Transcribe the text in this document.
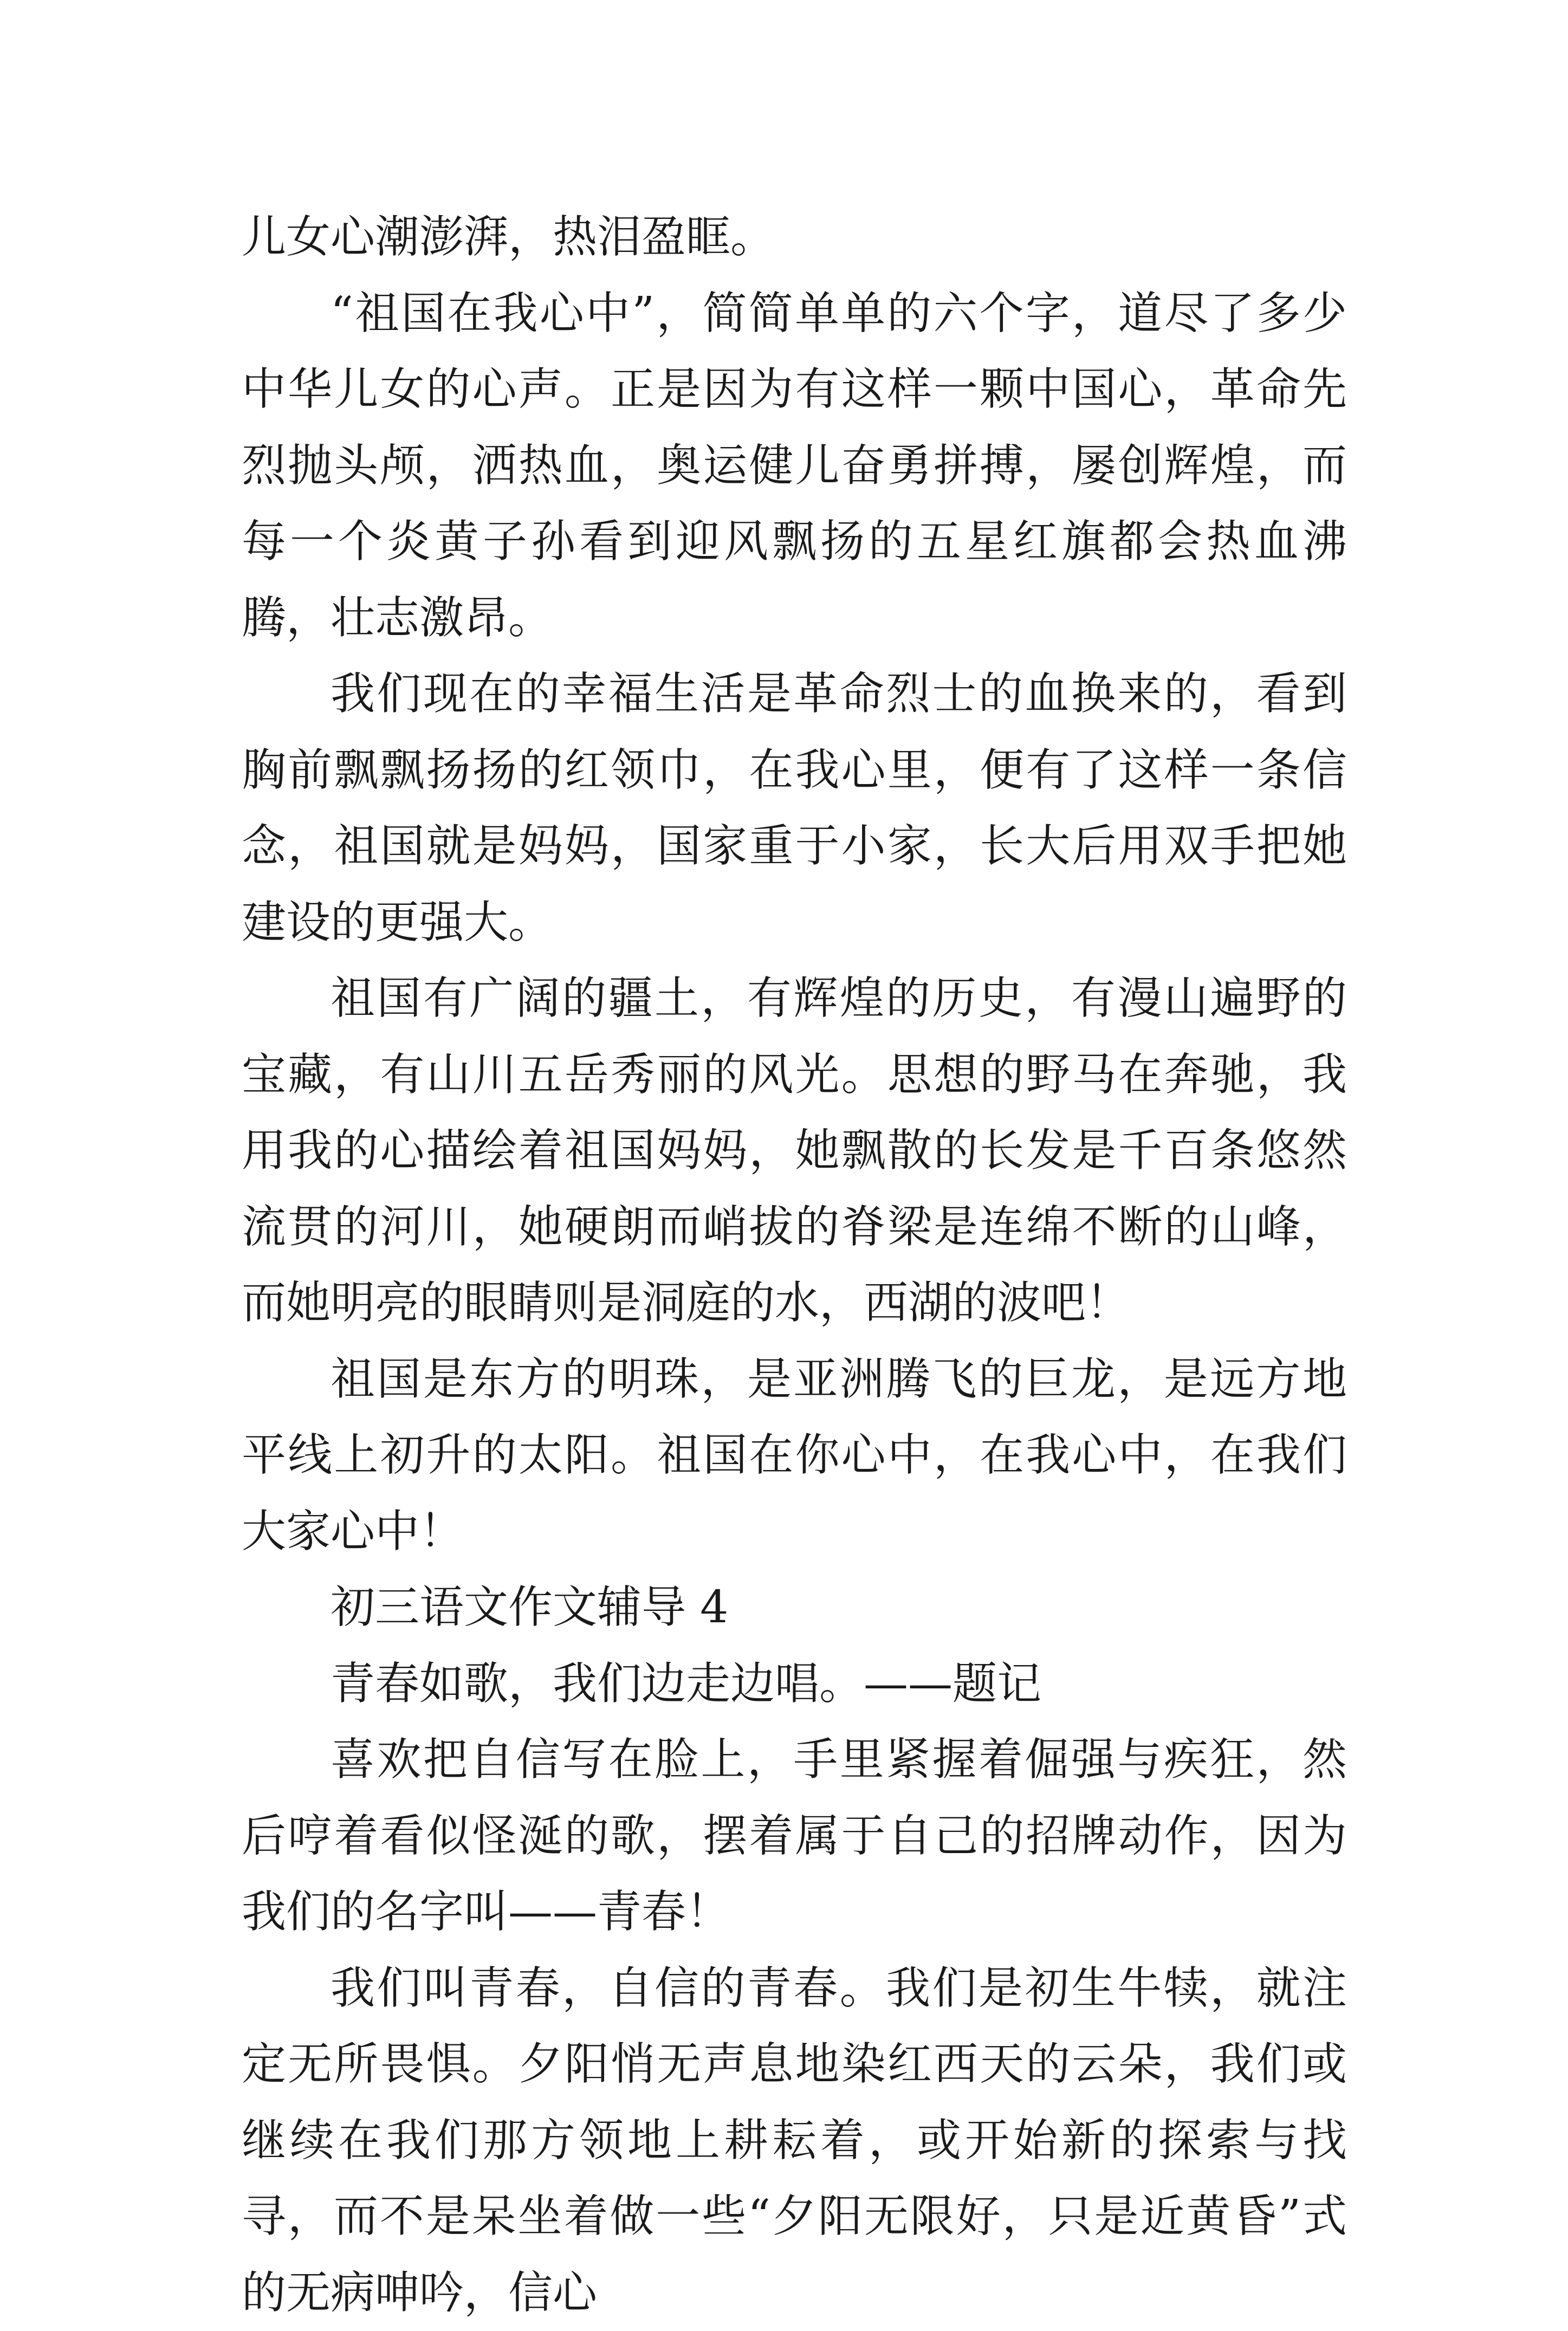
儿女心潮澎湃，热泪盈眶。

“祖国在我心中”，简简单单的六个字，道尽了多少中华儿女的心声。正是因为有这样一颗中国心，革命先烈抛头颅，洒热血，奥运健儿奋勇拼搏，屡创辉煌，而每一个炎黄子孙看到迎风飘扬的五星红旗都会热血沸腾，壮志激昂。

我们现在的幸福生活是革命烈士的血换来的，看到胸前飘飘扬扬的红领巾，在我心里，便有了这样一条信念，祖国就是妈妈，国家重于小家，长大后用双手把她建设的更强大。

祖国有广阔的疆土，有辉煌的历史，有漫山遍野的宝藏，有山川五岳秀丽的风光。思想的野马在奔驰，我用我的心描绘着祖国妈妈，她飘散的长发是千百条悠然流贯的河川，她硬朗而峭拔的脊梁是连绵不断的山峰，而她明亮的眼睛则是洞庭的水，西湖的波吧！

祖国是东方的明珠，是亚洲腾飞的巨龙，是远方地平线上初升的太阳。祖国在你心中，在我心中，在我们大家心中！

初三语文作文辅导 4

青春如歌，我们边走边唱。——题记

喜欢把自信写在脸上，手里紧握着倔强与疾狂，然后哼着看似怪涎的歌，摆着属于自己的招牌动作，因为我们的名字叫——青春！

我们叫青春，自信的青春。我们是初生牛犊，就注定无所畏惧。夕阳悄无声息地染红西天的云朵，我们或继续在我们那方领地上耕耘着，或开始新的探索与找寻，而不是呆坐着做一些“夕阳无限好，只是近黄昏”式的无病呻吟，信心
